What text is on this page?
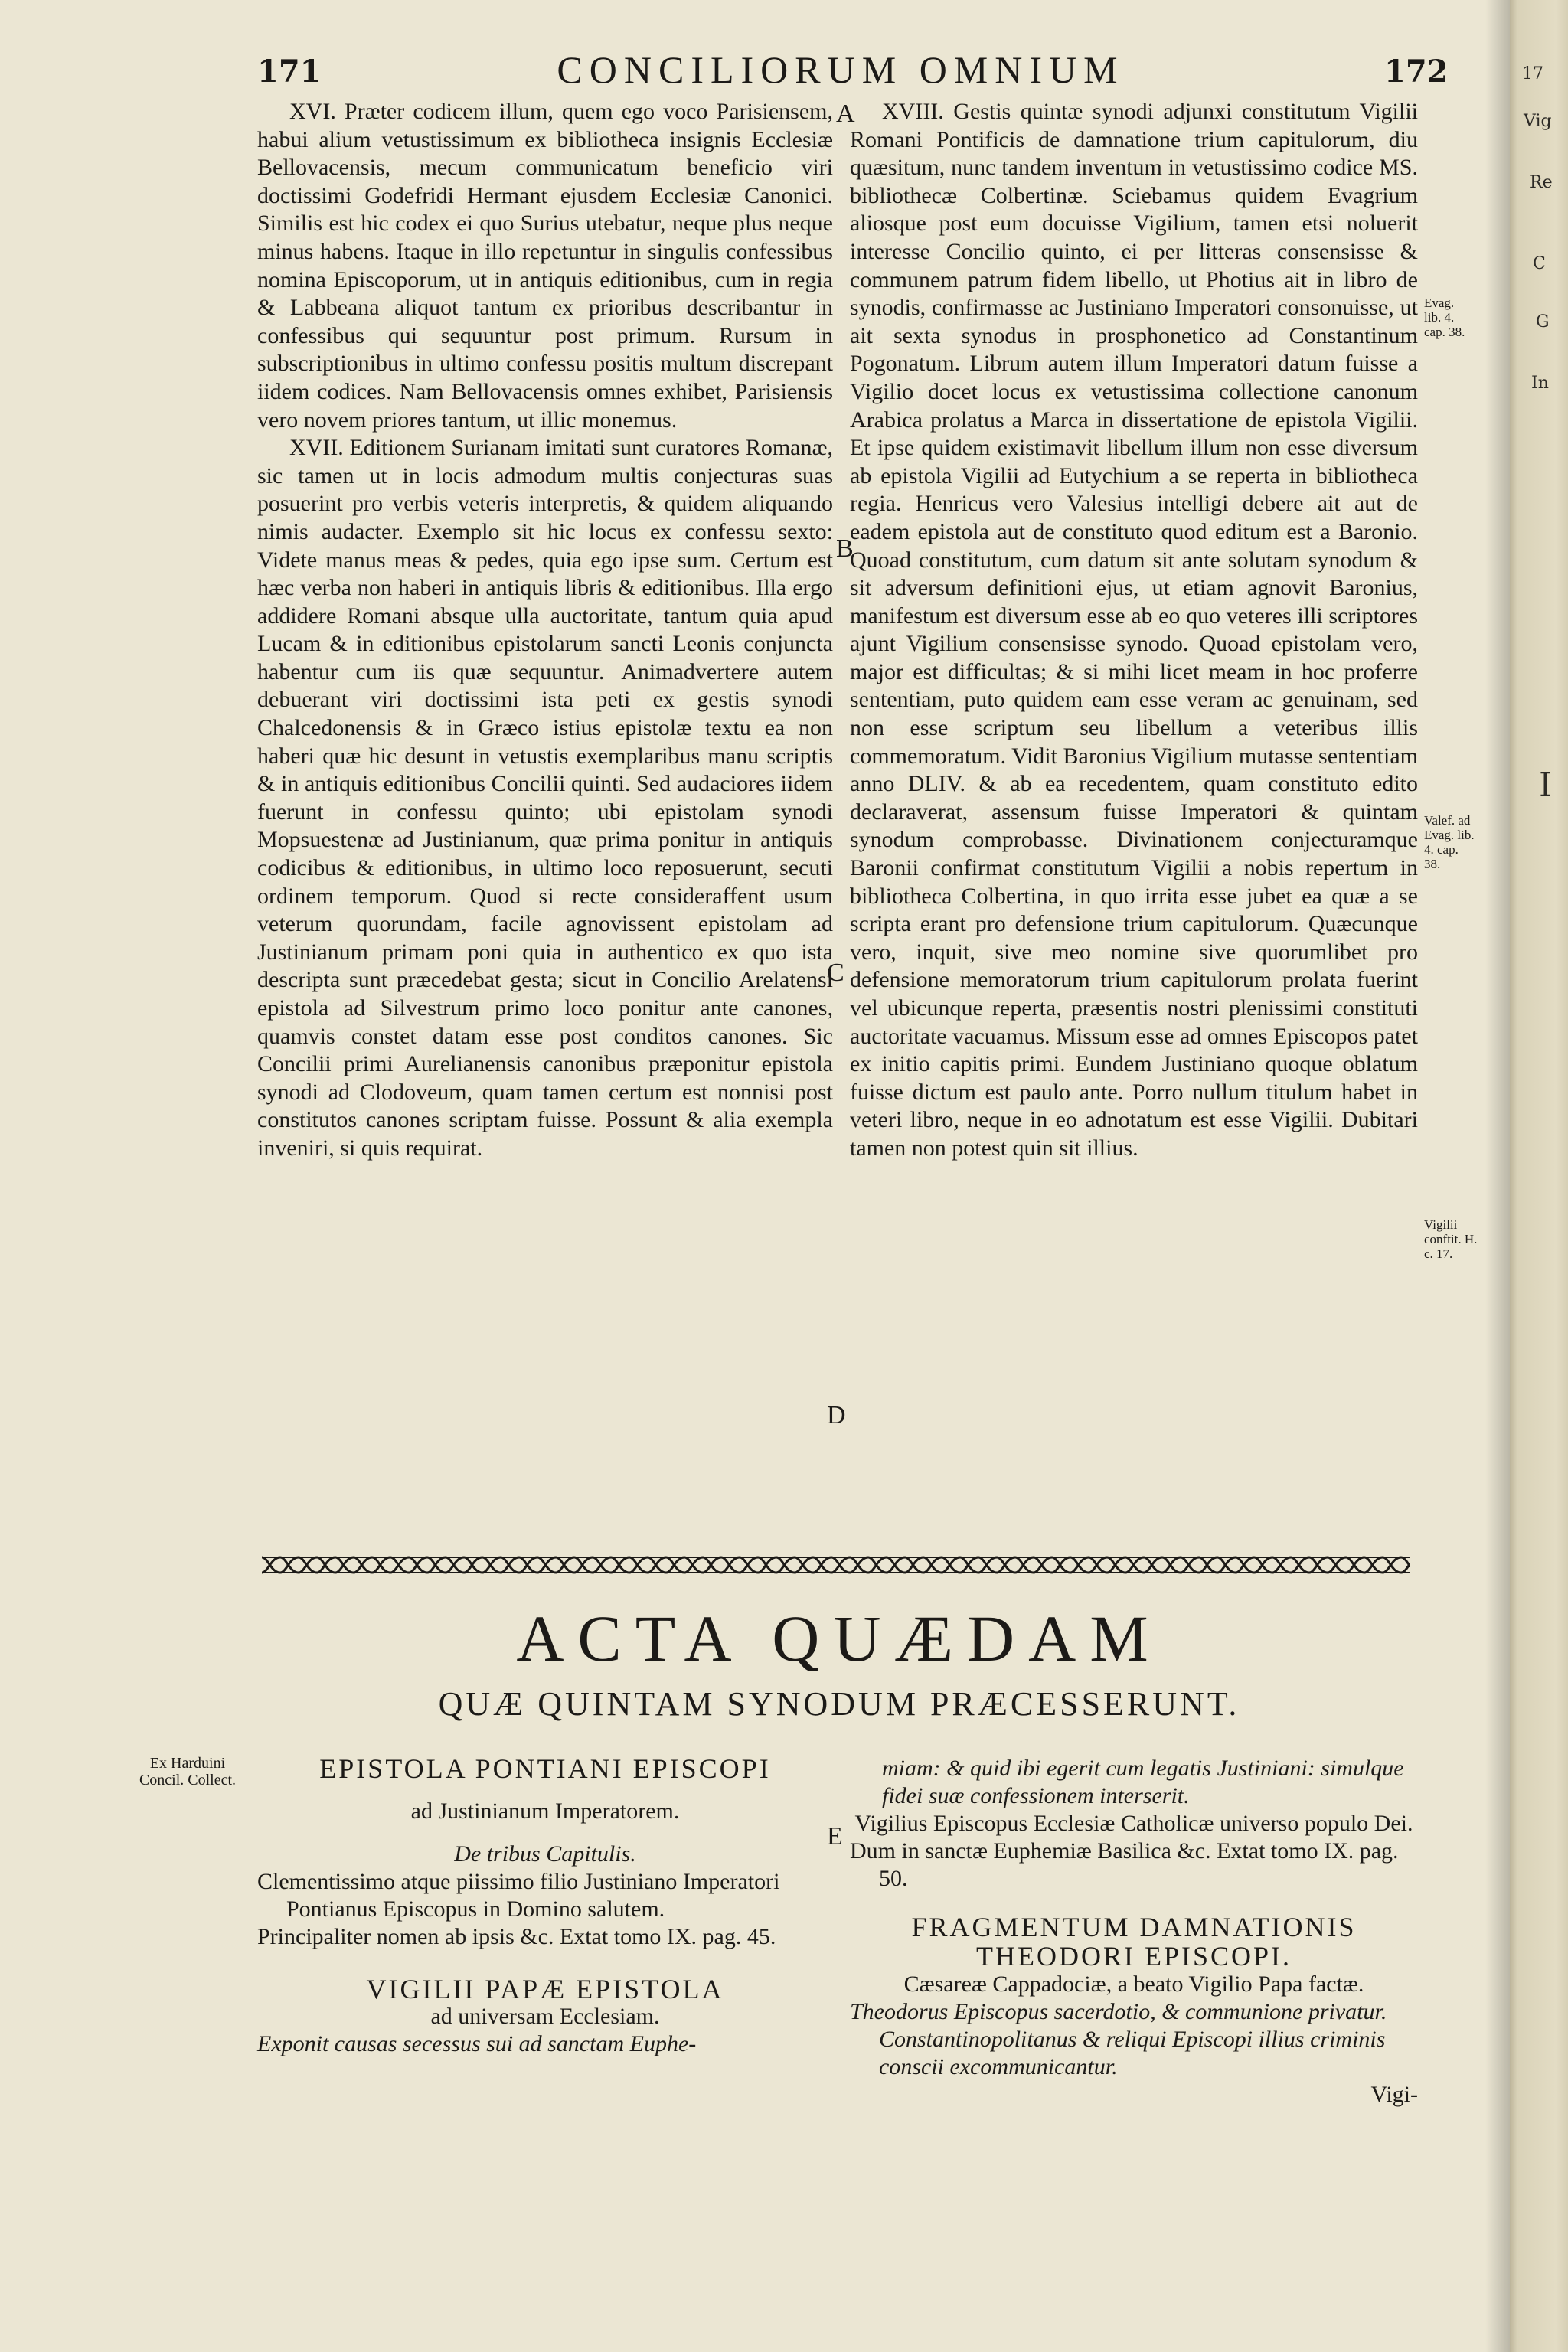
171	CONCILIORUM OMNIUM	172

XVI. Præter codicem illum, quem ego vocο Parisiensem, habui alium vetustissimum ex bibliotheca insignis Ecclesiæ Bellovacensis, mecum communicatum beneficio viri doctissimi Godefridi Hermant ejusdem Ecclesiæ Canonici. Similis est hic codex ei quo Surius utebatur, neque plus neque minus habens. Itaque in illo repetuntur in singulis confessibus nomina Episcoporum, ut in antiquis editionibus, cum in regia & Labbeana aliquot tantum ex prioribus describantur in confessibus qui sequuntur post primum. Rursum in subscriptionibus in ultimo confessu positis multum discrepant iidem codices. Nam Bellovacensis omnes exhibet, Parisiensis vero novem priores tantum, ut illic monemus.

XVII. Editionem Surianam imitati sunt curatores Romanæ, sic tamen ut in locis admodum multis conjecturas suas posuerint pro verbis veteris interpretis, & quidem aliquando nimis audacter. Exemplo sit hic locus ex confessu sexto: Videte manus meas & pedes, quia ego ipse sum. Certum est hæc verba non haberi in antiquis libris & editionibus. Illa ergo addidere Romani absque ulla auctoritate, tantum quia apud Lucam & in editionibus epistolarum sancti Leonis conjuncta habentur cum iis quæ sequuntur. Animadvertere autem debuerant viri doctissimi ista peti ex gestis synodi Chalcedonensis & in Græco istius epistolæ textu ea non haberi quæ hic desunt in vetustis exemplaribus manu scriptis & in antiquis editionibus Concilii quinti. Sed audaciores iidem fuerunt in confessu quinto; ubi epistolam synodi Mopsuestenæ ad Justinianum, quæ prima ponitur in antiquis codicibus & editionibus, in ultimo loco reposuerunt, secuti ordinem temporum. Quod si recte consideraffent usum veterum quorundam, facile agnovissent epistolam ad Justinianum primam poni quia in authentico ex quo ista descripta sunt præcedebat gesta; sicut in Concilio Arelatensi epistola ad Silvestrum primo loco ponitur ante canones, quamvis constet datam esse post conditos canones. Sic Concilii primi Aurelianensis canonibus præponitur epistola synodi ad Clodoveum, quam tamen certum est nonnisi post constitutos canones scriptam fuisse. Possunt & alia exempla inveniri, si quis requirat.

XVIII. Gestis quintæ synodi adjunxi constitutum Vigilii Romani Pontificis de damnatione trium capitulorum, diu quæsitum, nunc tandem inventum in vetustissimo codice MS. bibliothecæ Colbertinæ. Sciebamus quidem Evagrium aliosque post eum docuisse Vigilium, tamen etsi noluerit interesse Concilio quinto, ei per litteras consensisse & communem patrum fidem libello, ut Photius ait in libro de synodis, confirmasse ac Justiniano Imperatori consonuisse, ut ait sexta synodus in prosphonetico ad Constantinum Pogonatum. Librum autem illum Imperatori datum fuisse a Vigilio docet locus ex vetustissima collectione canonum Arabica prolatus a Marca in dissertatione de epistola Vigilii. Et ipse quidem existimavit libellum illum non esse diversum ab epistola Vigilii ad Eutychium a se reperta in bibliotheca regia. Henricus vero Valesius intelligi debere ait aut de eadem epistola aut de constituto quod editum est a Baronio. Quoad constitutum, cum datum sit ante solutam synodum & sit adversum definitioni ejus, ut etiam agnovit Baronius, manifestum est diversum esse ab eo quo veteres illi scriptores ajunt Vigilium consensisse synodo. Quoad epistolam vero, major est difficultas; & si mihi licet meam in hoc proferre sententiam, puto quidem eam esse veram ac genuinam, sed non esse scriptum seu libellum a veteribus illis commemoratum. Vidit Baronius Vigilium mutasse sententiam anno DLIV. & ab ea recedentem, quam constituto edito declaraverat, assensum fuisse Imperatori & quintam synodum comprobasse. Divinationem conjecturamque Baronii confirmat constitutum Vigilii a nobis repertum in bibliotheca Colbertina, in quo irrita esse jubet ea quæ a se scripta erant pro defensione trium capitulorum. Quæcunque vero, inquit, sive meo nomine sive quorumlibet pro defensione memoratorum trium capitulorum prolata fuerint vel ubicunque reperta, præsentis nostri plenissimi constituti auctoritate vacuamus. Missum esse ad omnes Episcopos patet ex initio capitis primi. Eundem Justiniano quoque oblatum fuisse dictum est paulo ante. Porro nullum titulum habet in veteri libro, neque in eo adnotatum est esse Vigilii. Dubitari tamen non potest quin sit illius.

A
B
C
D
E
Evag. lib. 4. cap. 38.
Valef. ad Evag. lib. 4. cap. 38.
Vigilii conftit. H. c. 17.
Ex Harduini Concil. Collect.
ACTA QUÆDAM
QUÆ QUINTAM SYNODUM PRÆCESSERUNT.

EPISTOLA PONTIANI EPISCOPI

ad Justinianum Imperatorem.

De tribus Capitulis.

Clementissimo atque piissimo filio Justiniano Imperatori Pontianus Episcopus in Domino salutem.

Principaliter nomen ab ipsis &c. Extat tomo IX. pag. 45.

VIGILII PAPÆ EPISTOLA

ad universam Ecclesiam.

Exponit causas secessus sui ad sanctam Euphe-

miam: & quid ibi egerit cum legatis Justiniani: simulque fidei suæ confessionem interserit.

Vigilius Episcopus Ecclesiæ Catholicæ universo populo Dei.

Dum in sanctæ Euphemiæ Basilica &c. Extat tomo IX. pag. 50.

FRAGMENTUM DAMNATIONIS THEODORI EPISCOPI.

Cæsareæ Cappadociæ, a beato Vigilio Papa factæ.

Theodorus Episcopus sacerdotio, & communione privatur. Constantinopolitanus & reliqui Episcopi illius criminis conscii excommunicantur.

Vigi-

17
Vig
Re
C
G
In
I
